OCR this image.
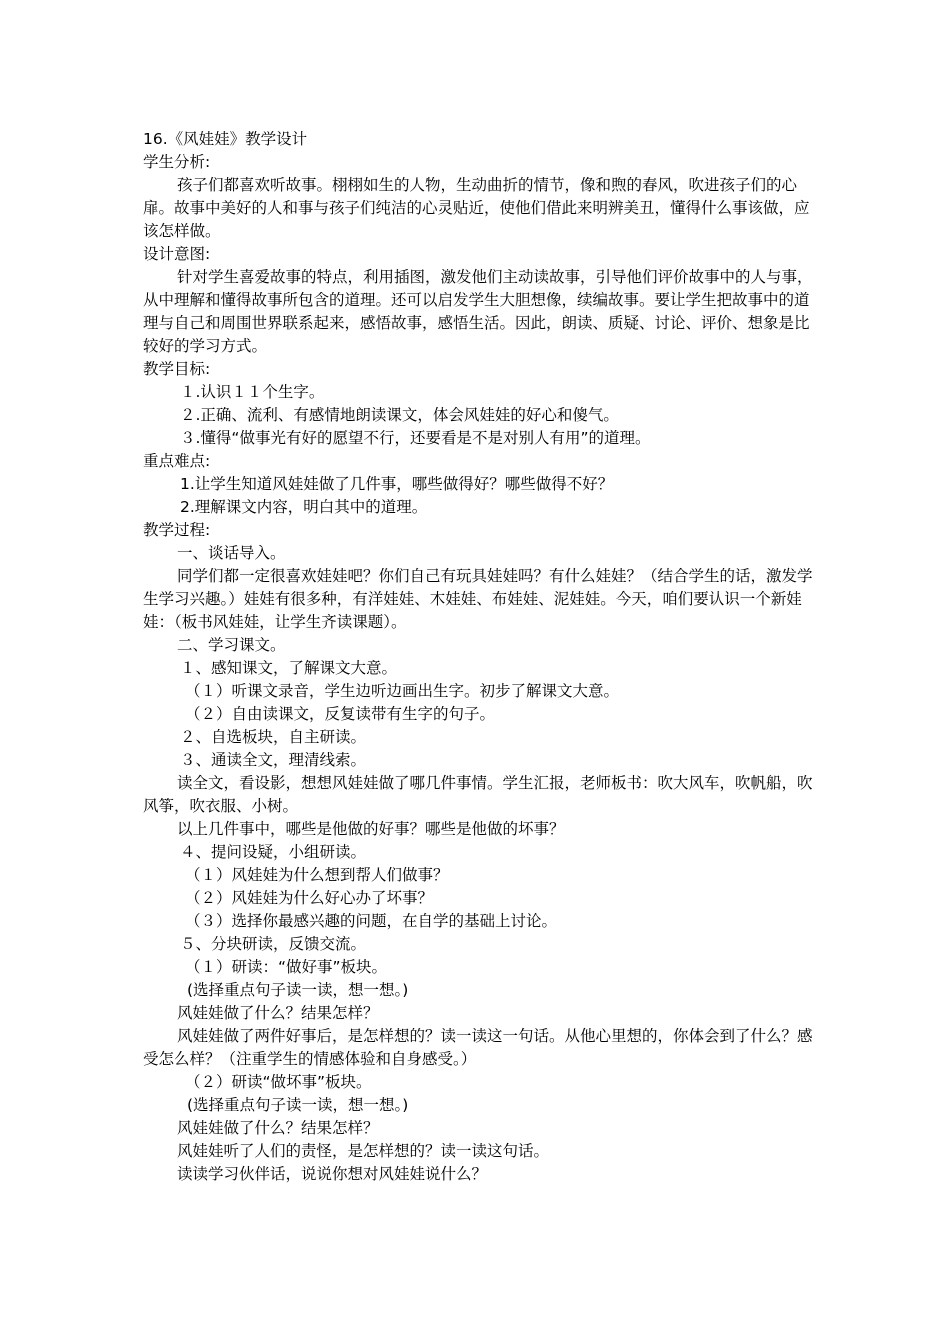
16.《风娃娃》教学设计

学生分析:

孩子们都喜欢听故事。栩栩如生的人物，生动曲折的情节，像和煦的春风，吹进孩子们的心扉。故事中美好的人和事与孩子们纯洁的心灵贴近，使他们借此来明辨美丑，懂得什么事该做，应该怎样做。

设计意图:

针对学生喜爱故事的特点，利用插图，激发他们主动读故事，引导他们评价故事中的人与事，从中理解和懂得故事所包含的道理。还可以启发学生大胆想像，续编故事。要让学生把故事中的道理与自己和周围世界联系起来，感悟故事，感悟生活。因此，朗读、质疑、讨论、评价、想象是比较好的学习方式。

教学目标:

１.认识１１个生字。

２.正确、流利、有感情地朗读课文，体会风娃娃的好心和傻气。

３.懂得“做事光有好的愿望不行，还要看是不是对别人有用”的道理。

重点难点:

1.让学生知道风娃娃做了几件事，哪些做得好？哪些做得不好？

2.理解课文内容，明白其中的道理。

教学过程:

一、谈话导入。

同学们都一定很喜欢娃娃吧？你们自己有玩具娃娃吗？有什么娃娃？（结合学生的话，激发学生学习兴趣。）娃娃有很多种，有洋娃娃、木娃娃、布娃娃、泥娃娃。今天，咱们要认识一个新娃娃：（板书风娃娃，让学生齐读课题）。

二、学习课文。

１、感知课文，了解课文大意。

（１）听课文录音，学生边听边画出生字。初步了解课文大意。

（２）自由读课文，反复读带有生字的句子。

２、自选板块，自主研读。

３、通读全文，理清线索。

读全文，看设影，想想风娃娃做了哪几件事情。学生汇报，老师板书：吹大风车，吹帆船，吹风筝，吹衣服、小树。

以上几件事中，哪些是他做的好事？哪些是他做的坏事？

４、提问设疑，小组研读。

（１）风娃娃为什么想到帮人们做事？

（２）风娃娃为什么好心办了坏事？

（３）选择你最感兴趣的问题，在自学的基础上讨论。

５、分块研读，反馈交流。

（１）研读：“做好事”板块。

(选择重点句子读一读，想一想。)

风娃娃做了什么？结果怎样？

风娃娃做了两件好事后，是怎样想的？读一读这一句话。从他心里想的，你体会到了什么？感受怎么样？（注重学生的情感体验和自身感受。）

（２）研读“做坏事”板块。

(选择重点句子读一读，想一想。)

风娃娃做了什么？结果怎样？

风娃娃听了人们的责怪，是怎样想的？读一读这句话。

读读学习伙伴话，说说你想对风娃娃说什么？
